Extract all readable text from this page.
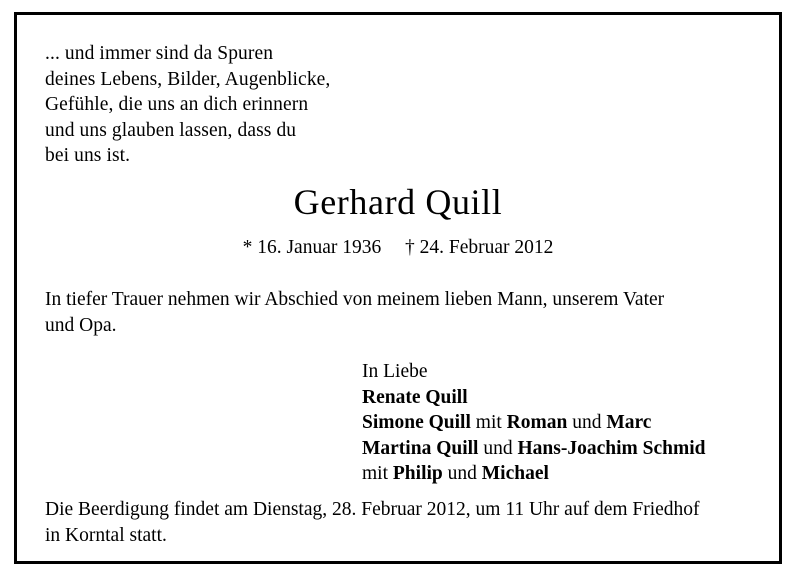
... und immer sind da Spuren
deines Lebens, Bilder, Augenblicke,
Gefühle, die uns an dich erinnern
und uns glauben lassen, dass du
bei uns ist.
Gerhard Quill
* 16. Januar 1936 † 24. Februar 2012
In tiefer Trauer nehmen wir Abschied von meinem lieben Mann, unserem Vater
und Opa.
In Liebe
Renate Quill
Simone Quill mit Roman und Marc
Martina Quill und Hans-Joachim Schmid
mit Philip und Michael
Die Beerdigung findet am Dienstag, 28. Februar 2012, um 11 Uhr auf dem Friedhof
in Korntal statt.
